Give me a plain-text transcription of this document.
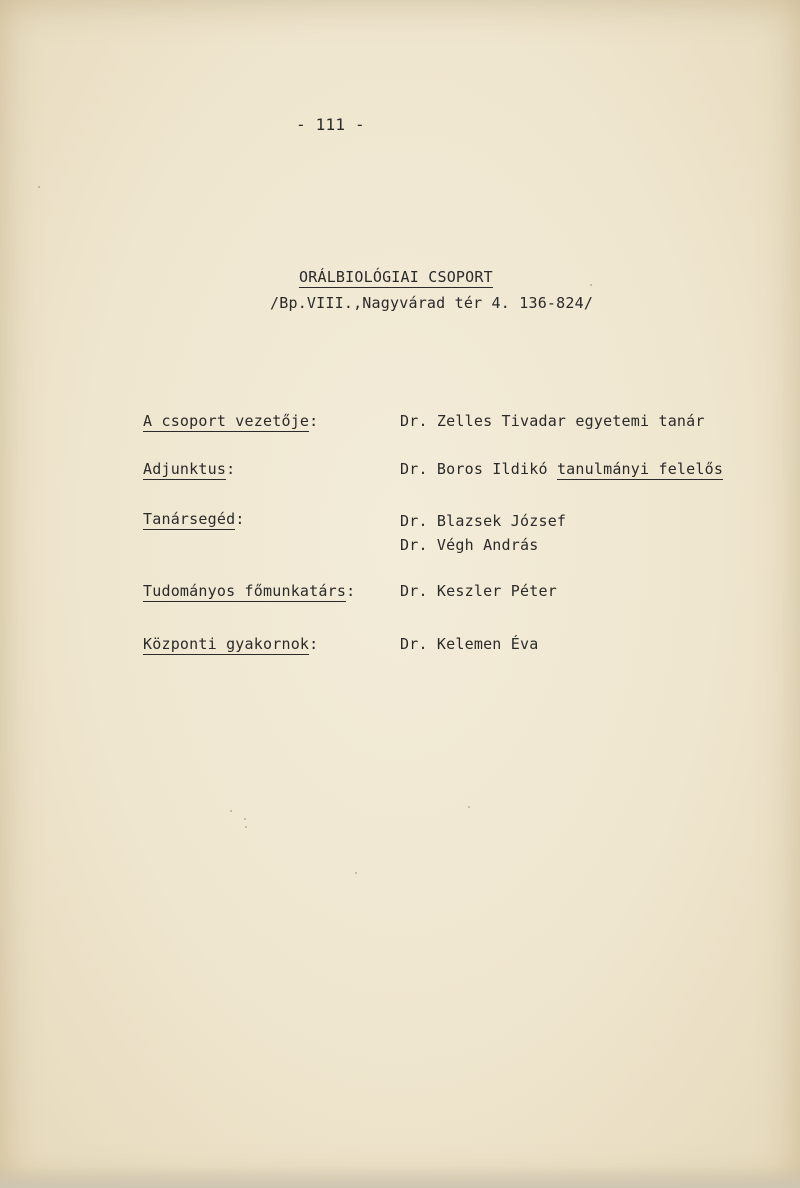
- 111 -
ORÁLBIOLÓGIAI CSOPORT
/Bp.VIII.,Nagyvárad tér 4. 136-824/
A csoport vezetője:	Dr. Zelles Tivadar egyetemi tanár
Adjunktus:	Dr. Boros Ildikó tanulmányi felelős
Tanársegéd:	Dr. Blazsek József
Dr. Végh András
Tudományos főmunkatárs:	Dr. Keszler Péter
Központi gyakornok:	Dr. Kelemen Éva
